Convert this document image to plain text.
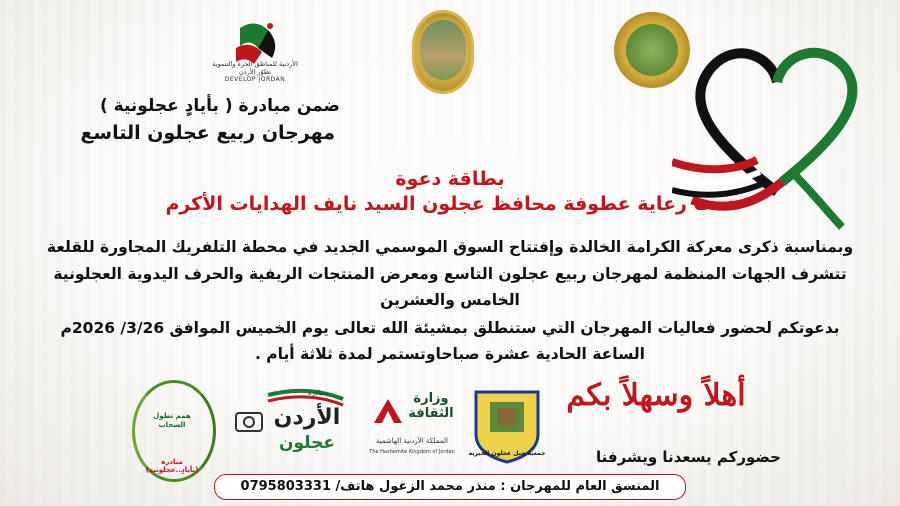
الأردنية للمناطق الحرة والتنموية تطوّر الأردن
DEVELOP JORDAN
ضمن مبادرة ( بأيادٍ عجلونية )
مهرجان ربيع عجلون التاسع
بطاقة دعوة
تحت رعاية عطوفة محافظ عجلون السيد نايف الهدايات الأكرم
وبمناسبة ذكرى معركة الكرامة الخالدة وإفتتاح السوق الموسمي الجديد في محطة التلفريك المجاورة للقلعة
تتشرف الجهات المنظمة لمهرجان ربيع عجلون التاسع ومعرض المنتجات الريفية والحرف اليدوية العجلونية
الخامس والعشرين
بدعوتكم لحضور فعاليات المهرجان التي ستنطلق بمشيئة الله تعالى يوم الخميس الموافق 3/26/ 2026م
الساعة الحادية عشرة صباحاوتستمر لمدة ثلاثة أيام .
همم تطول السحاب
مبادرة (بأيادٍ..عجلونية)
الأردن
عجلون
مبادرة	وزارة الثقافة
المملكة الأردنية الهاشمية
The Hashemite Kingdom of Jordan	جمعية جبل عجلون الخيرية
أهلاً وسهلاً بكم
حضوركم يسعدنا ويشرفنا
المنسق العام للمهرجان : منذر محمد الزغول هاتف/ 0795803331
